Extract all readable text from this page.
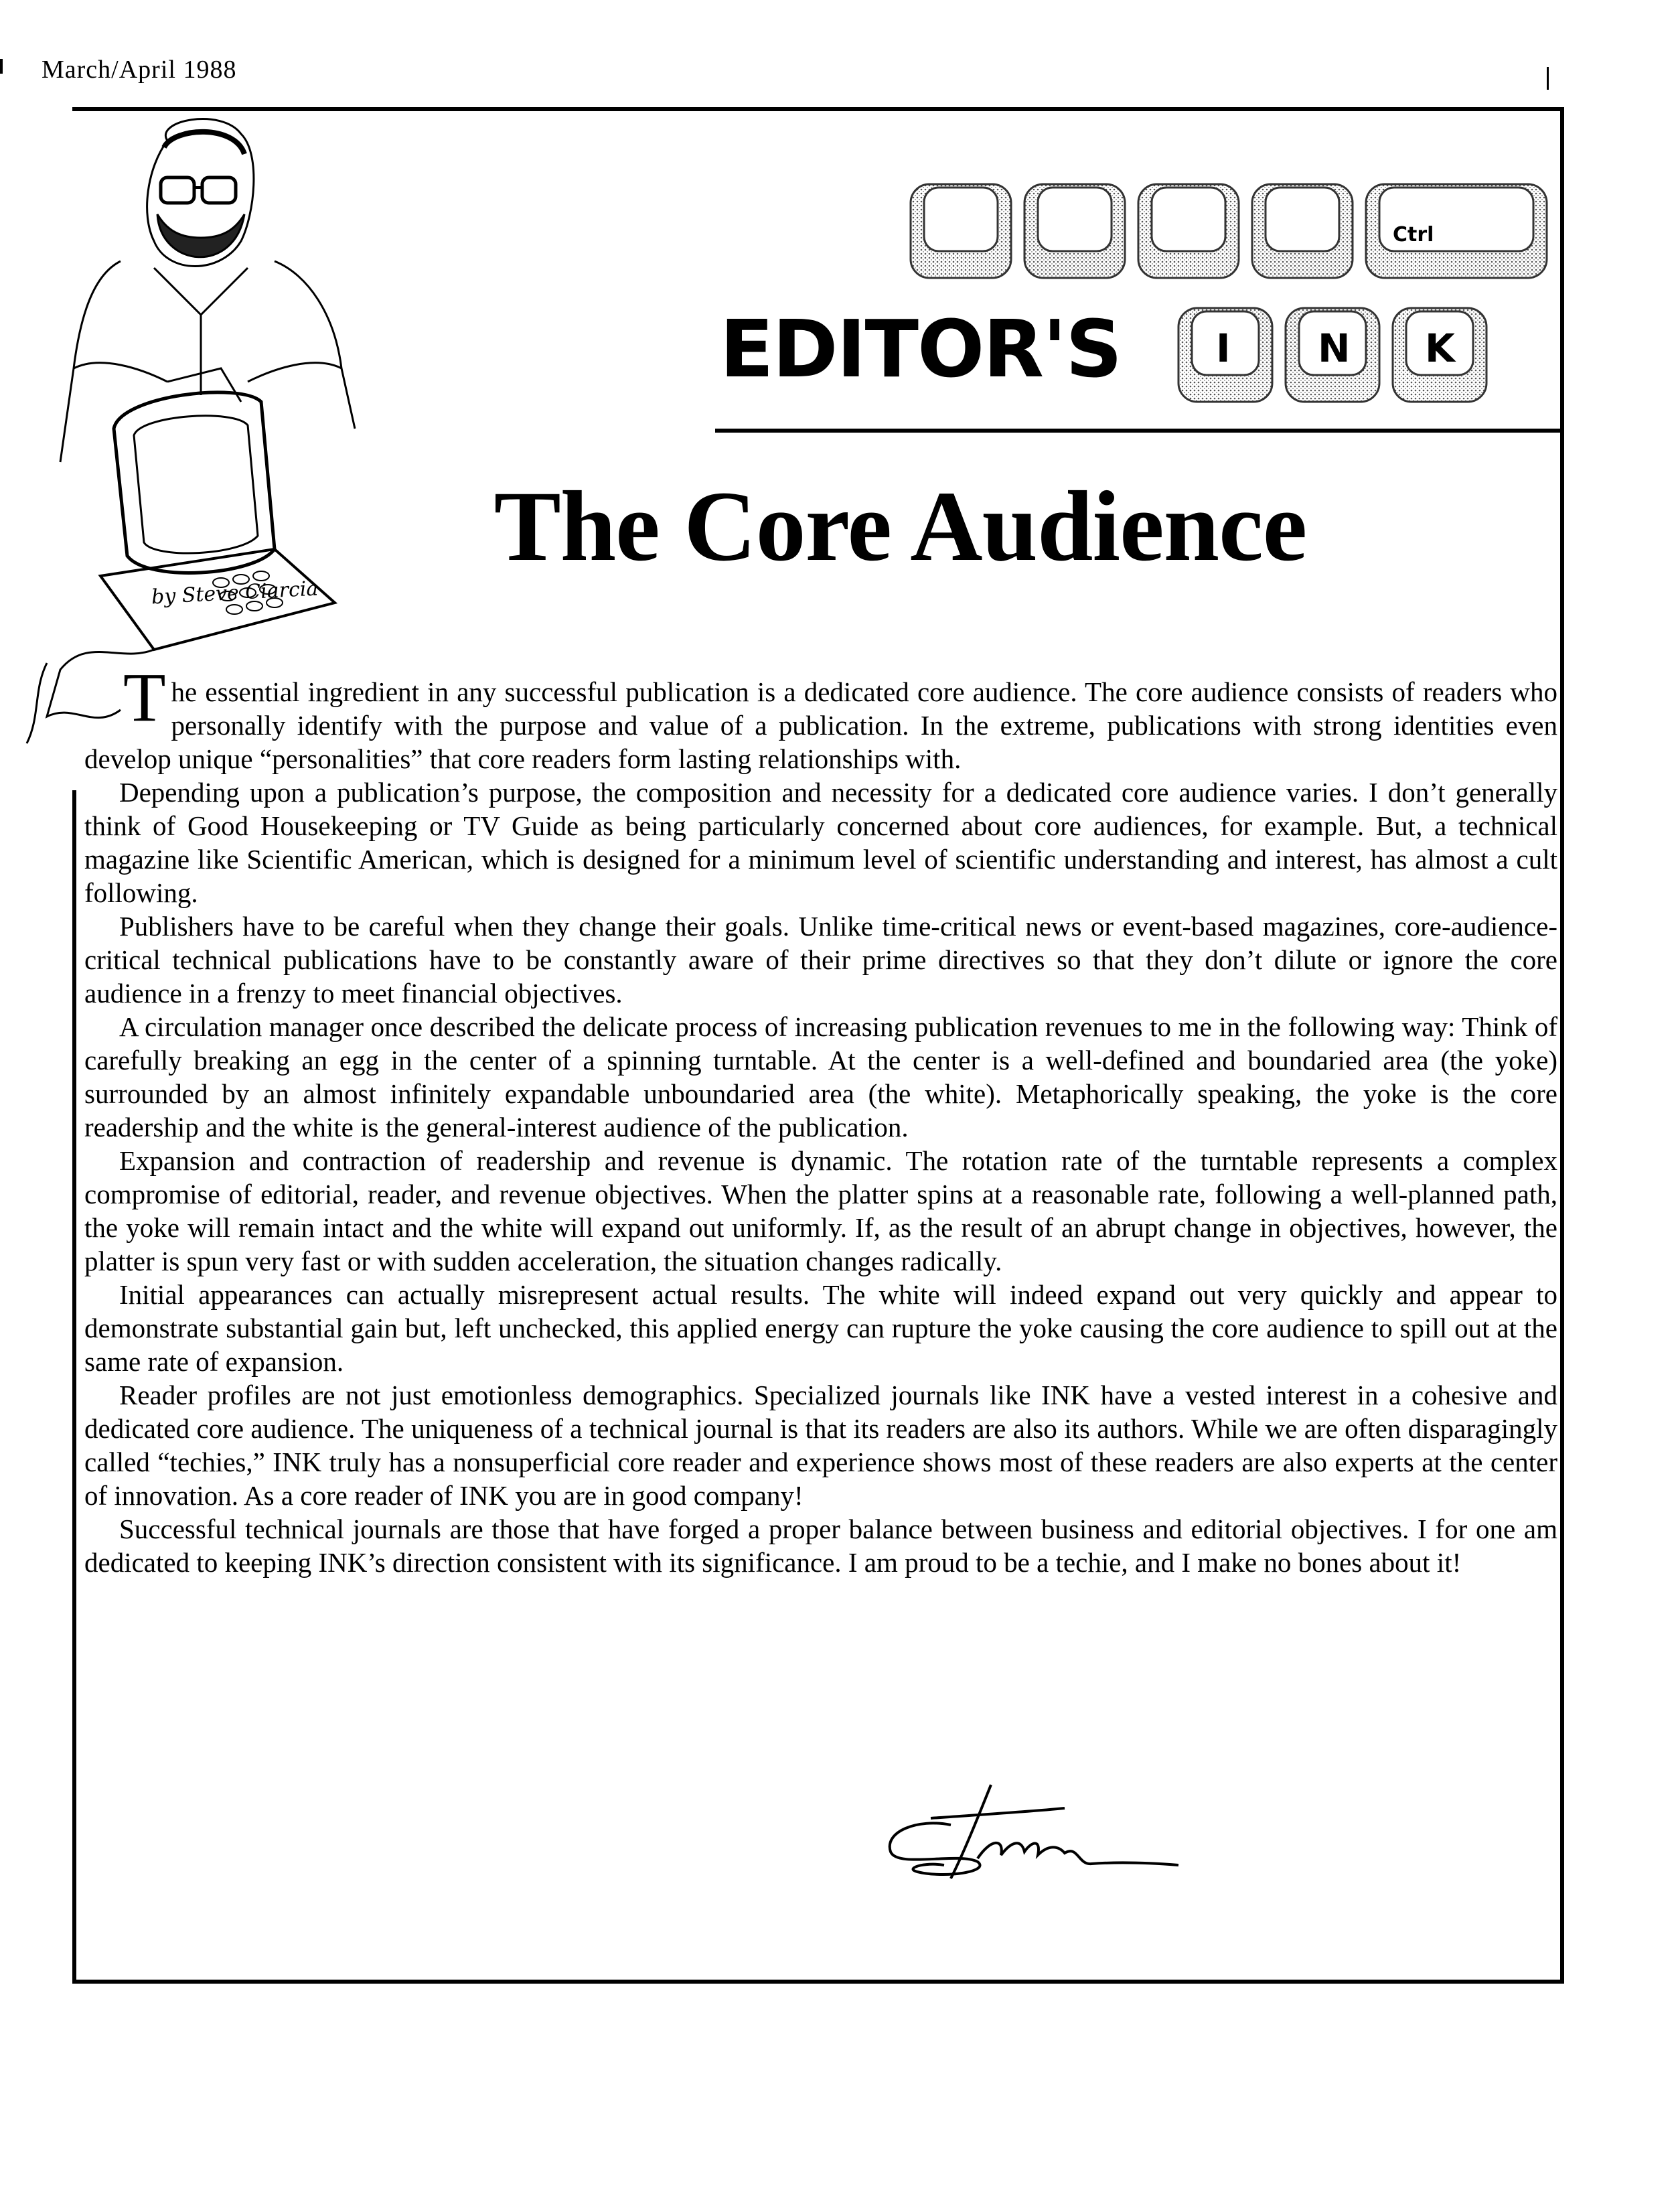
March/April 1988
by Steve Ciarcia
Ctrl
I N K
EDITOR'S
The Core Audience

The essential ingredient in any successful publication is a dedicated core audience. The core audience consists of readers who personally identify with the purpose and value of a publication. In the extreme, publications with strong identities even develop unique “personalities” that core readers form lasting relationships with.

Depending upon a publication’s purpose, the composition and necessity for a dedicated core audience varies. I don’t generally think of Good Housekeeping or TV Guide as being particularly concerned about core audiences, for example. But, a technical magazine like Scientific American, which is designed for a minimum level of scientific understanding and interest, has almost a cult following.

Publishers have to be careful when they change their goals. Unlike time-critical news or event-based magazines, core-audience-critical technical publications have to be constantly aware of their prime directives so that they don’t dilute or ignore the core audience in a frenzy to meet financial objectives.

A circulation manager once described the delicate process of increasing publication revenues to me in the following way: Think of carefully breaking an egg in the center of a spinning turntable. At the center is a well-defined and boundaried area (the yoke) surrounded by an almost infinitely expandable unboundaried area (the white). Metaphorically speaking, the yoke is the core readership and the white is the general-interest audience of the publication.

Expansion and contraction of readership and revenue is dynamic. The rotation rate of the turntable represents a complex compromise of editorial, reader, and revenue objectives. When the platter spins at a reasonable rate, following a well-planned path, the yoke will remain intact and the white will expand out uniformly. If, as the result of an abrupt change in objectives, however, the platter is spun very fast or with sudden acceleration, the situation changes radically.

Initial appearances can actually misrepresent actual results. The white will indeed expand out very quickly and appear to demonstrate substantial gain but, left unchecked, this applied energy can rupture the yoke causing the core audience to spill out at the same rate of expansion.

Reader profiles are not just emotionless demographics. Specialized journals like INK have a vested interest in a cohesive and dedicated core audience. The uniqueness of a technical journal is that its readers are also its authors. While we are often disparagingly called “techies,” INK truly has a nonsuperficial core reader and experience shows most of these readers are also experts at the center of innovation. As a core reader of INK you are in good company!

Successful technical journals are those that have forged a proper balance between business and editorial objectives. I for one am dedicated to keeping INK’s direction consistent with its significance. I am proud to be a techie, and I make no bones about it!
